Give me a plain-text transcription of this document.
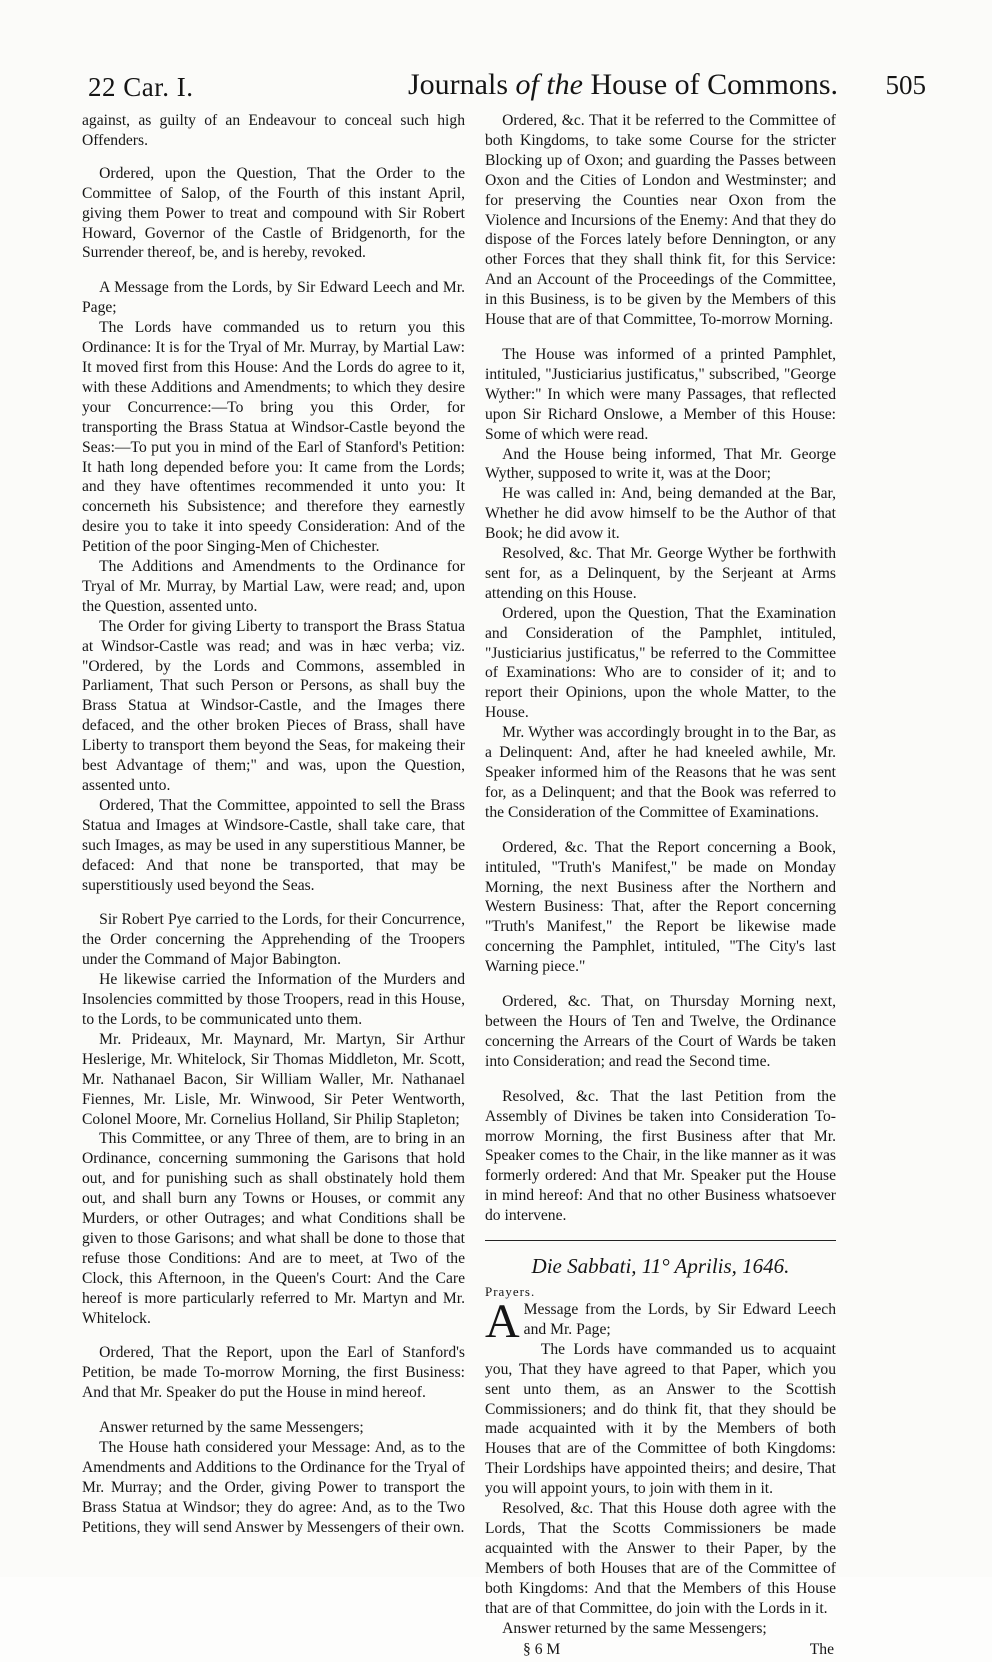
22 Car. I.	Journals of the House of Commons. 505

against, as guilty of an Endeavour to conceal such high Offenders.

Ordered, upon the Question, That the Order to the Committee of Salop, of the Fourth of this instant April, giving them Power to treat and compound with Sir Robert Howard, Governor of the Castle of Bridgenorth, for the Surrender thereof, be, and is hereby, revoked.

A Message from the Lords, by Sir Edward Leech and Mr. Page;

The Lords have commanded us to return you this Ordinance: It is for the Tryal of Mr. Murray, by Martial Law: It moved first from this House: And the Lords do agree to it, with these Additions and Amendments; to which they desire your Concurrence:—To bring you this Order, for transporting the Brass Statua at Windsor-Castle beyond the Seas:—To put you in mind of the Earl of Stanford's Petition: It hath long depended before you: It came from the Lords; and they have oftentimes recommended it unto you: It concerneth his Subsistence; and therefore they earnestly desire you to take it into speedy Consideration: And of the Petition of the poor Singing-Men of Chichester.

The Additions and Amendments to the Ordinance for Tryal of Mr. Murray, by Martial Law, were read; and, upon the Question, assented unto.

The Order for giving Liberty to transport the Brass Statua at Windsor-Castle was read; and was in hæc verba; viz. "Ordered, by the Lords and Commons, assembled in Parliament, That such Person or Persons, as shall buy the Brass Statua at Windsor-Castle, and the Images there defaced, and the other broken Pieces of Brass, shall have Liberty to transport them beyond the Seas, for makeing their best Advantage of them;" and was, upon the Question, assented unto.

Ordered, That the Committee, appointed to sell the Brass Statua and Images at Windsore-Castle, shall take care, that such Images, as may be used in any superstitious Manner, be defaced: And that none be transported, that may be superstitiously used beyond the Seas.

Sir Robert Pye carried to the Lords, for their Concurrence, the Order concerning the Apprehending of the Troopers under the Command of Major Babington.

He likewise carried the Information of the Murders and Insolencies committed by those Troopers, read in this House, to the Lords, to be communicated unto them.

Mr. Prideaux, Mr. Maynard, Mr. Martyn, Sir Arthur Heslerige, Mr. Whitelock, Sir Thomas Middleton, Mr. Scott, Mr. Nathanael Bacon, Sir William Waller, Mr. Nathanael Fiennes, Mr. Lisle, Mr. Winwood, Sir Peter Wentworth, Colonel Moore, Mr. Cornelius Holland, Sir Philip Stapleton;

This Committee, or any Three of them, are to bring in an Ordinance, concerning summoning the Garisons that hold out, and for punishing such as shall obstinately hold them out, and shall burn any Towns or Houses, or commit any Murders, or other Outrages; and what Conditions shall be given to those Garisons; and what shall be done to those that refuse those Conditions: And are to meet, at Two of the Clock, this Afternoon, in the Queen's Court: And the Care hereof is more particularly referred to Mr. Martyn and Mr. Whitelock.

Ordered, That the Report, upon the Earl of Stanford's Petition, be made To-morrow Morning, the first Business: And that Mr. Speaker do put the House in mind hereof.

Answer returned by the same Messengers;

The House hath considered your Message: And, as to the Amendments and Additions to the Ordinance for the Tryal of Mr. Murray; and the Order, giving Power to transport the Brass Statua at Windsor; they do agree: And, as to the Two Petitions, they will send Answer by Messengers of their own.

Ordered, &c. That it be referred to the Committee of both Kingdoms, to take some Course for the stricter Blocking up of Oxon; and guarding the Passes between Oxon and the Cities of London and Westminster; and for preserving the Counties near Oxon from the Violence and Incursions of the Enemy: And that they do dispose of the Forces lately before Dennington, or any other Forces that they shall think fit, for this Service: And an Account of the Proceedings of the Committee, in this Business, is to be given by the Members of this House that are of that Committee, To-morrow Morning.

The House was informed of a printed Pamphlet, intituled, "Justiciarius justificatus," subscribed, "George Wyther:" In which were many Passages, that reflected upon Sir Richard Onslowe, a Member of this House: Some of which were read.

And the House being informed, That Mr. George Wyther, supposed to write it, was at the Door;

He was called in: And, being demanded at the Bar, Whether he did avow himself to be the Author of that Book; he did avow it.

Resolved, &c. That Mr. George Wyther be forthwith sent for, as a Delinquent, by the Serjeant at Arms attending on this House.

Ordered, upon the Question, That the Examination and Consideration of the Pamphlet, intituled, "Justiciarius justificatus," be referred to the Committee of Examinations: Who are to consider of it; and to report their Opinions, upon the whole Matter, to the House.

Mr. Wyther was accordingly brought in to the Bar, as a Delinquent: And, after he had kneeled awhile, Mr. Speaker informed him of the Reasons that he was sent for, as a Delinquent; and that the Book was referred to the Consideration of the Committee of Examinations.

Ordered, &c. That the Report concerning a Book, intituled, "Truth's Manifest," be made on Monday Morning, the next Business after the Northern and Western Business: That, after the Report concerning "Truth's Manifest," the Report be likewise made concerning the Pamphlet, intituled, "The City's last Warning piece."

Ordered, &c. That, on Thursday Morning next, between the Hours of Ten and Twelve, the Ordinance concerning the Arrears of the Court of Wards be taken into Consideration; and read the Second time.

Resolved, &c. That the last Petition from the Assembly of Divines be taken into Consideration To-morrow Morning, the first Business after that Mr. Speaker comes to the Chair, in the like manner as it was formerly ordered: And that Mr. Speaker put the House in mind hereof: And that no other Business whatsoever do intervene.

Die Sabbati, 11° Aprilis, 1646.

Prayers.

A Message from the Lords, by Sir Edward Leech and Mr. Page;

The Lords have commanded us to acquaint you, That they have agreed to that Paper, which you sent unto them, as an Answer to the Scottish Commissioners; and do think fit, that they should be made acquainted with it by the Members of both Houses that are of the Committee of both Kingdoms: Their Lordships have appointed theirs; and desire, That you will appoint yours, to join with them in it.

Resolved, &c. That this House doth agree with the Lords, That the Scotts Commissioners be made acquainted with the Answer to their Paper, by the Members of both Houses that are of the Committee of both Kingdoms: And that the Members of this House that are of that Committee, do join with the Lords in it.

Answer returned by the same Messengers;

§ 6 M	The
